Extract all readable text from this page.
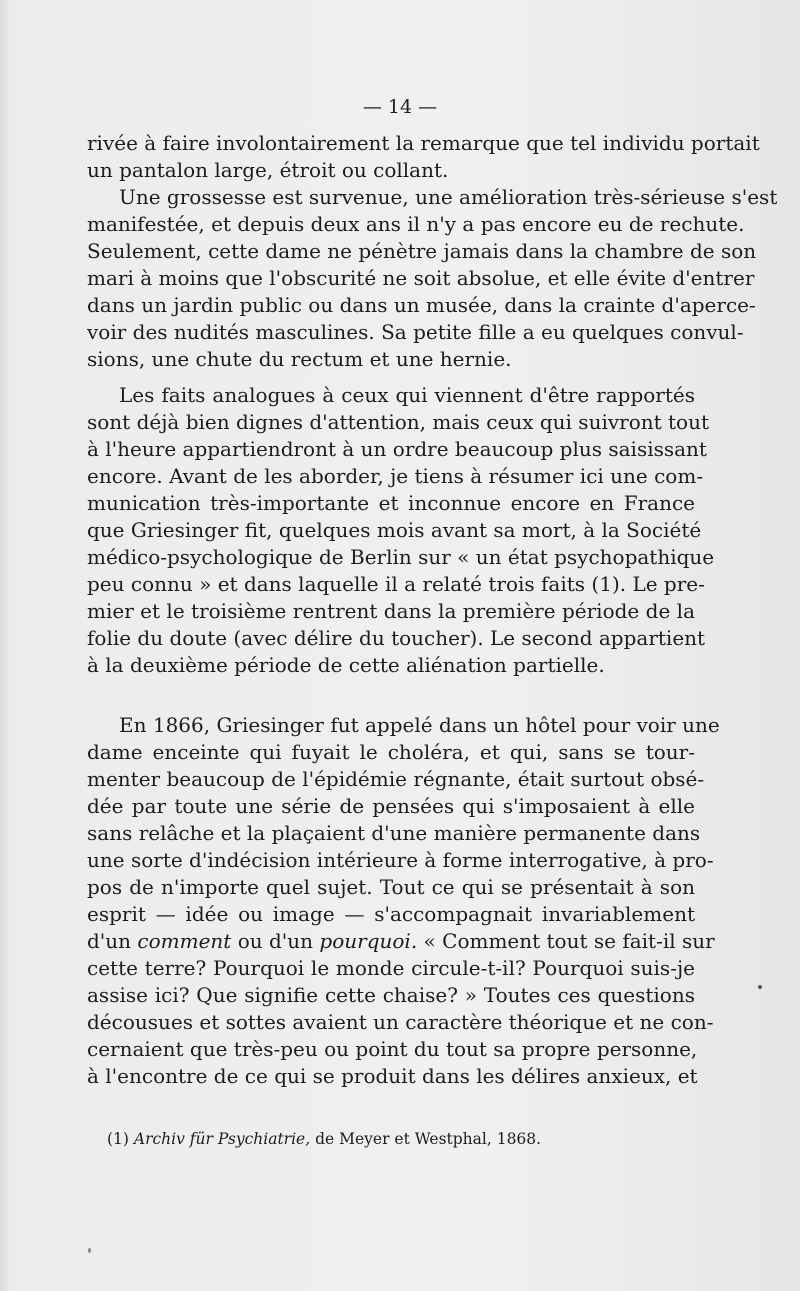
— 14 —
rivée à faire involontairement la remarque que tel individu portait
un pantalon large, étroit ou collant.
Une grossesse est survenue, une amélioration très-sérieuse s'est
manifestée, et depuis deux ans il n'y a pas encore eu de rechute.
Seulement, cette dame ne pénètre jamais dans la chambre de son
mari à moins que l'obscurité ne soit absolue, et elle évite d'entrer
dans un jardin public ou dans un musée, dans la crainte d'aperce-
voir des nudités masculines. Sa petite fille a eu quelques convul-
sions, une chute du rectum et une hernie.
Les faits analogues à ceux qui viennent d'être rapportés
sont déjà bien dignes d'attention, mais ceux qui suivront tout
à l'heure appartiendront à un ordre beaucoup plus saisissant
encore. Avant de les aborder, je tiens à résumer ici une com-
munication très-importante et inconnue encore en France
que Griesinger fit, quelques mois avant sa mort, à la Société
médico-psychologique de Berlin sur « un état psychopathique
peu connu » et dans laquelle il a relaté trois faits (1). Le pre-
mier et le troisième rentrent dans la première période de la
folie du doute (avec délire du toucher). Le second appartient
à la deuxième période de cette aliénation partielle.
En 1866, Griesinger fut appelé dans un hôtel pour voir une
dame enceinte qui fuyait le choléra, et qui, sans se tour-
menter beaucoup de l'épidémie régnante, était surtout obsé-
dée par toute une série de pensées qui s'imposaient à elle
sans relâche et la plaçaient d'une manière permanente dans
une sorte d'indécision intérieure à forme interrogative, à pro-
pos de n'importe quel sujet. Tout ce qui se présentait à son
esprit — idée ou image — s'accompagnait invariablement
d'un comment ou d'un pourquoi. « Comment tout se fait-il sur
cette terre? Pourquoi le monde circule-t-il? Pourquoi suis-je
assise ici? Que signifie cette chaise? » Toutes ces questions
décousues et sottes avaient un caractère théorique et ne con-
cernaient que très-peu ou point du tout sa propre personne,
à l'encontre de ce qui se produit dans les délires anxieux, et
(1) Archiv für Psychiatrie, de Meyer et Westphal, 1868.
